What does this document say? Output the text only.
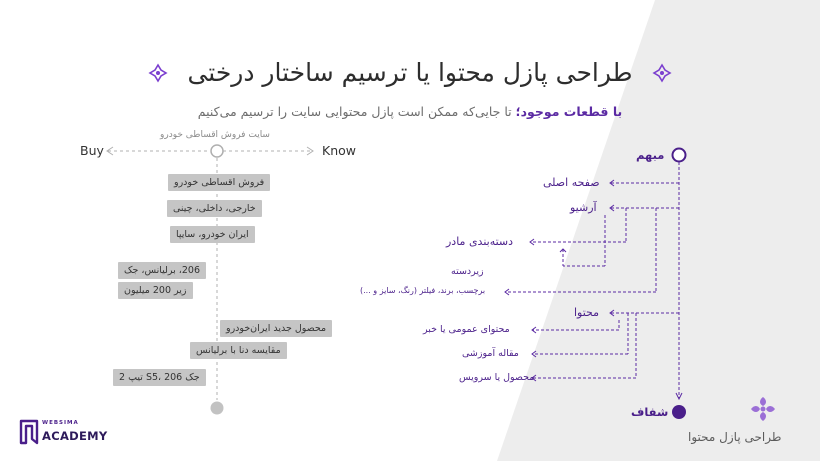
طراحی پازل محتوا یا ترسیم ساختار درختی
با قطعات موجود؛ تا جایی‌که ممکن است پازل محتوایی سایت را ترسیم می‌کنیم
Buy	Know
سایت فروش اقساطی خودرو
فروش اقساطی خودرو
خارجی، داخلی، چینی
ایران خودرو، سایپا
206، برلیانس، جک
زیر 200 میلیون
محصول جدید ایران‌خودرو
مقایسه دنا با برلیانس
جک S5، 206 تیپ 2
مبهم
شفاف
صفحه اصلی
آرشیو
دسته‌بندی مادر
زیردسته
برچسب، برند، فیلتر (رنگ، سایز و ...)
محتوا
محتوای عمومی یا خبر
مقاله آموزشی
محصول یا سرویس
طراحی پازل محتوا
WEBSIMA
ACADEMY
